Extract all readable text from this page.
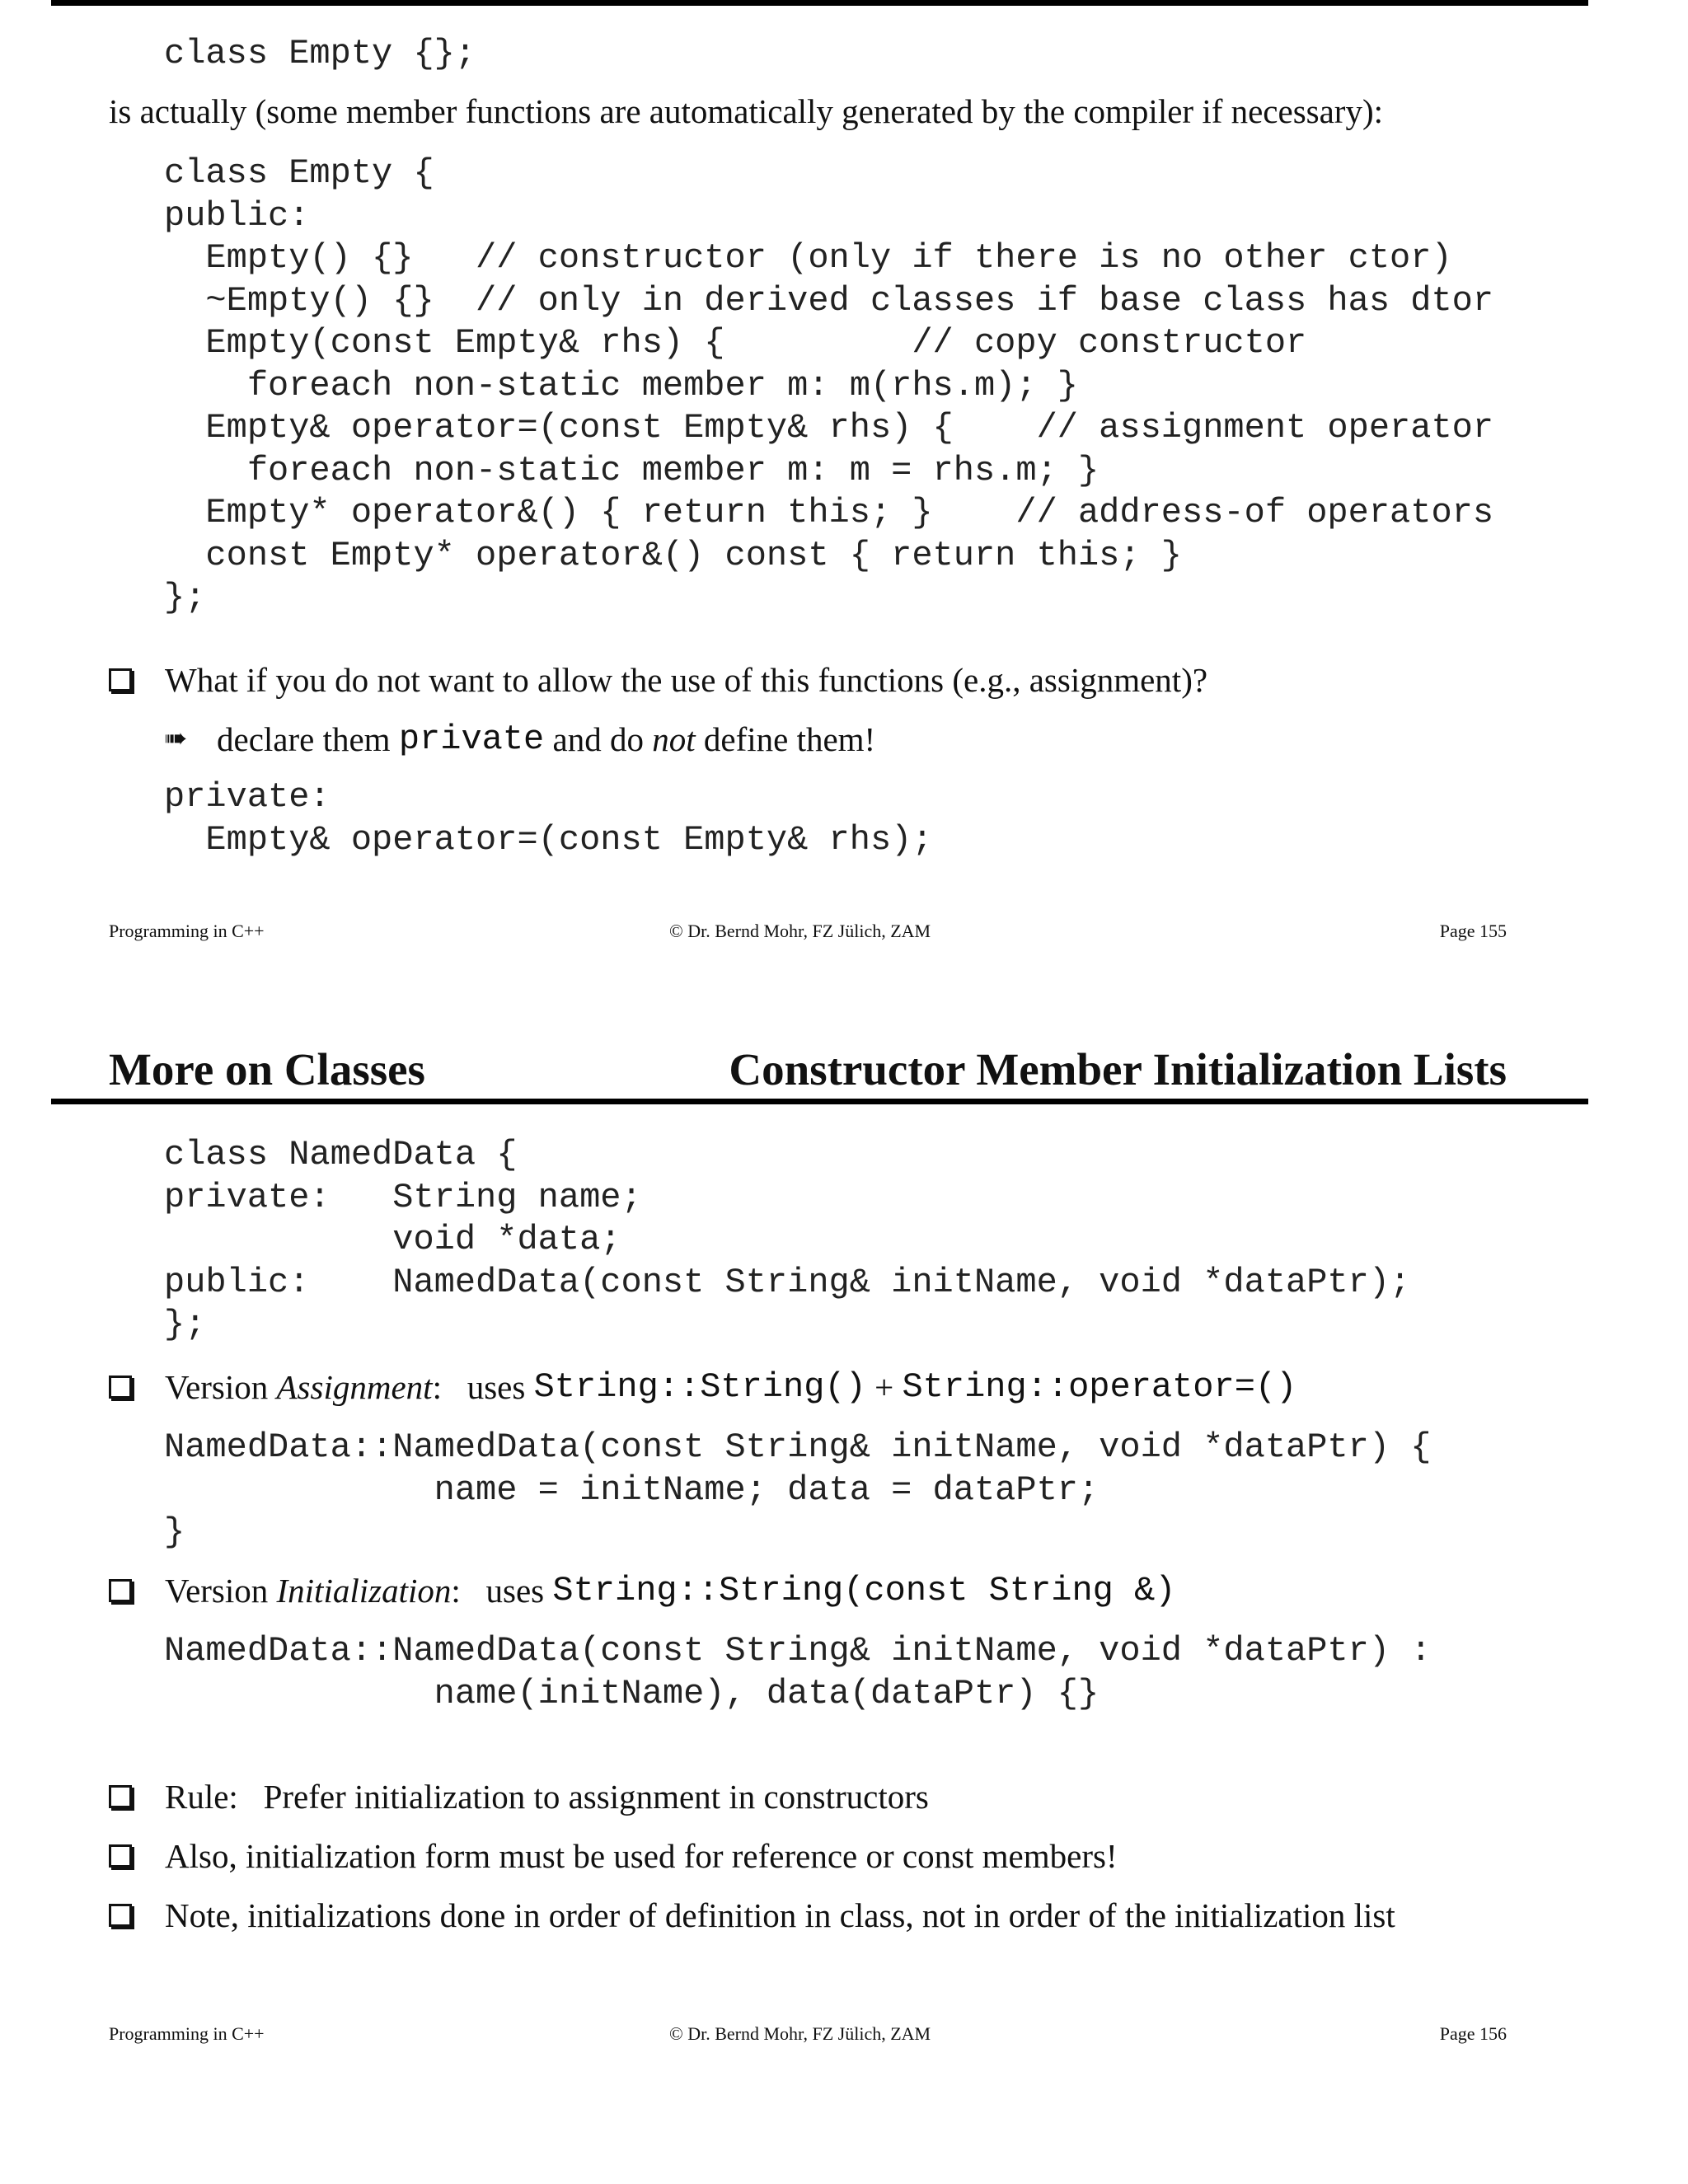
class Empty {};

is actually (some member functions are automatically generated by the compiler if necessary):

class Empty {
public:
Empty() {}   // constructor (only if there is no other ctor)
~Empty() {}  // only in derived classes if base class has dtor
Empty(const Empty& rhs) {         // copy constructor
foreach non-static member m: m(rhs.m); }
Empty& operator=(const Empty& rhs) {    // assignment operator
foreach non-static member m: m = rhs.m; }
Empty* operator&() { return this; }    // address-of operators
const Empty* operator&() const { return this; }
};
What if you do not want to allow the use of this functions (e.g., assignment)?
➠ declare them private and do not define them!
private:
Empty& operator=(const Empty& rhs);
Programming in C++	© Dr. Bernd Mohr, FZ Jülich, ZAM	Page 155
More on Classes	Constructor Member Initialization Lists
class NamedData {
private:   String name;
void *data;
public:    NamedData(const String& initName, void *dataPtr);
};
Version Assignment :   uses String::String() + String::operator=()
NamedData::NamedData(const String& initName, void *dataPtr) {
name = initName; data = dataPtr;
}
Version Initialization :   uses String::String(const String &)
NamedData::NamedData(const String& initName, void *dataPtr) :
name(initName), data(dataPtr) {}
Rule:   Prefer initialization to assignment in constructors
Also, initialization form must be used for reference or const members!
Note, initializations done in order of definition in class, not in order of the initialization list
Programming in C++	© Dr. Bernd Mohr, FZ Jülich, ZAM	Page 156
